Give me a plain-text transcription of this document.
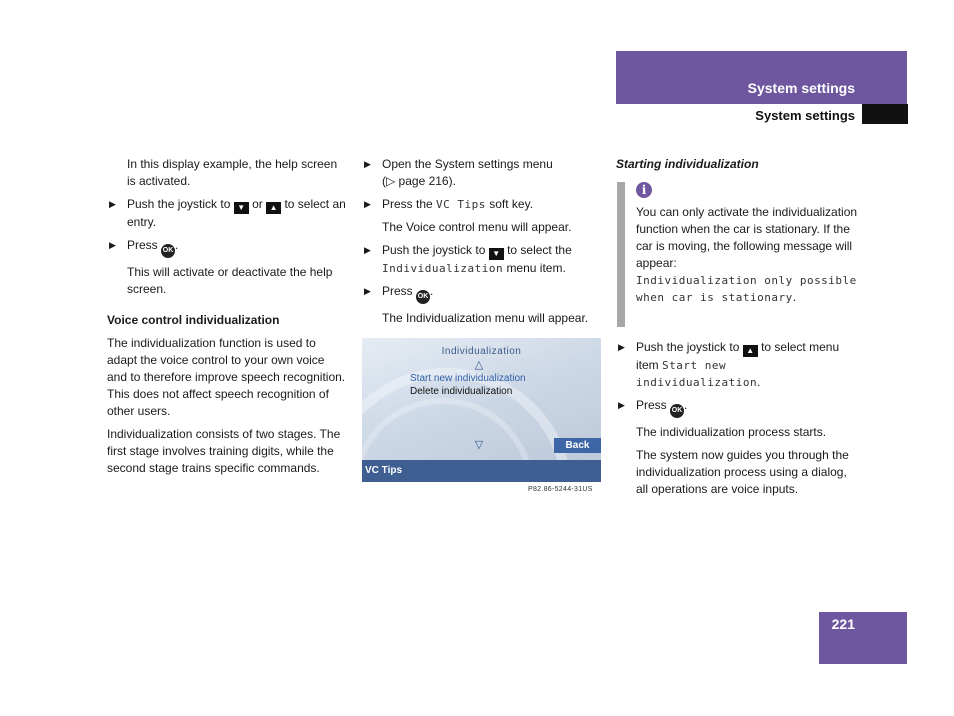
System settings
System settings

In this display example, the help screen is activated.

▶ Push the joystick to ▼ or ▲ to select an entry.

▶ Press OK .

This will activate or deactivate the help screen.

Voice control individualization

The individualization function is used to adapt the voice control to your own voice and to therefore improve speech recognition. This does not affect speech recognition of other users.

Individualization consists of two stages. The first stage involves training digits, while the second stage trains specific commands.

▶ Open the System settings menu
(▷ page 216).

▶ Press the VC Tips soft key.

The Voice control menu will appear.

▶ Push the joystick to ▼ to select the
Individualization menu item.

▶ Press OK .

The Individualization menu will appear.

Individualization
△
Start new individualization
Delete individualization
▽	Back
VC Tips
P82.86-5244-31US

Starting individualization

i
You can only activate the individualization function when the car is stationary. If the car is moving, the following message will appear:
Individualization only possible when car is stationary.

▶ Push the joystick to ▲ to select menu item Start new individualization.

▶ Press OK .

The individualization process starts.

The system now guides you through the individualization process using a dialog, all operations are voice inputs.

221
